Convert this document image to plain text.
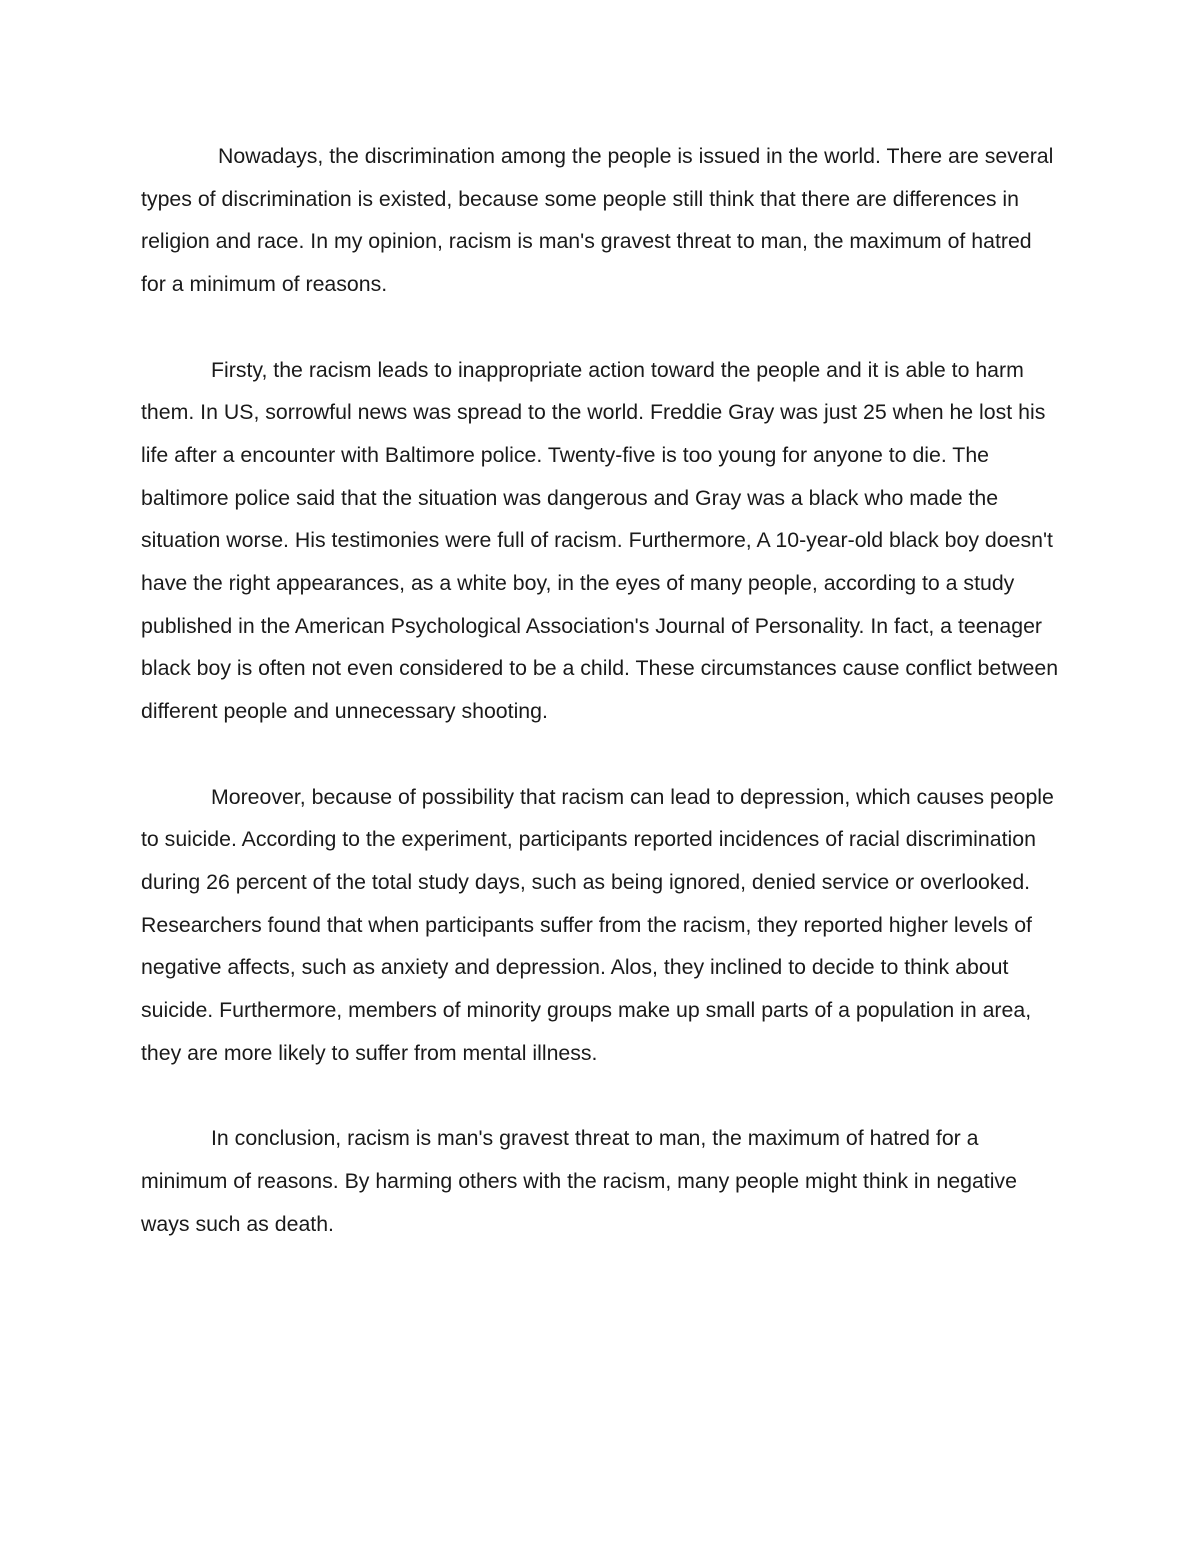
Nowadays, the discrimination among the people is issued in the world. There are several types of discrimination is existed, because some people still think that there are differences in religion and race. In my opinion, racism is man's gravest threat to man, the maximum of hatred for a minimum of reasons.

Firsty, the racism leads to inappropriate action toward the people and it is able to harm them. In US, sorrowful news was spread to the world. Freddie Gray was just 25 when he lost his life after a encounter with Baltimore police. Twenty-five is too young for anyone to die. The baltimore police said that the situation was dangerous and Gray was a black who made the situation worse. His testimonies were full of racism. Furthermore, A 10-year-old black boy doesn't have the right appearances, as a white boy, in the eyes of many people, according to a study published in the American Psychological Association's Journal of Personality. In fact, a teenager black boy is often not even considered to be a child. These circumstances cause conflict between different people and unnecessary shooting.

Moreover, because of possibility that racism can lead to depression, which causes people to suicide. According to the experiment, participants reported incidences of racial discrimination during 26 percent of the total study days, such as being ignored, denied service or overlooked. Researchers found that when participants suffer from the racism, they reported higher levels of negative affects, such as anxiety and depression. Alos, they inclined to decide to think about suicide. Furthermore, members of minority groups make up small parts of a population in area, they are more likely to suffer from mental illness.

In conclusion, racism is man's gravest threat to man, the maximum of hatred for a minimum of reasons. By harming others with the racism, many people might think in negative ways such as death.
